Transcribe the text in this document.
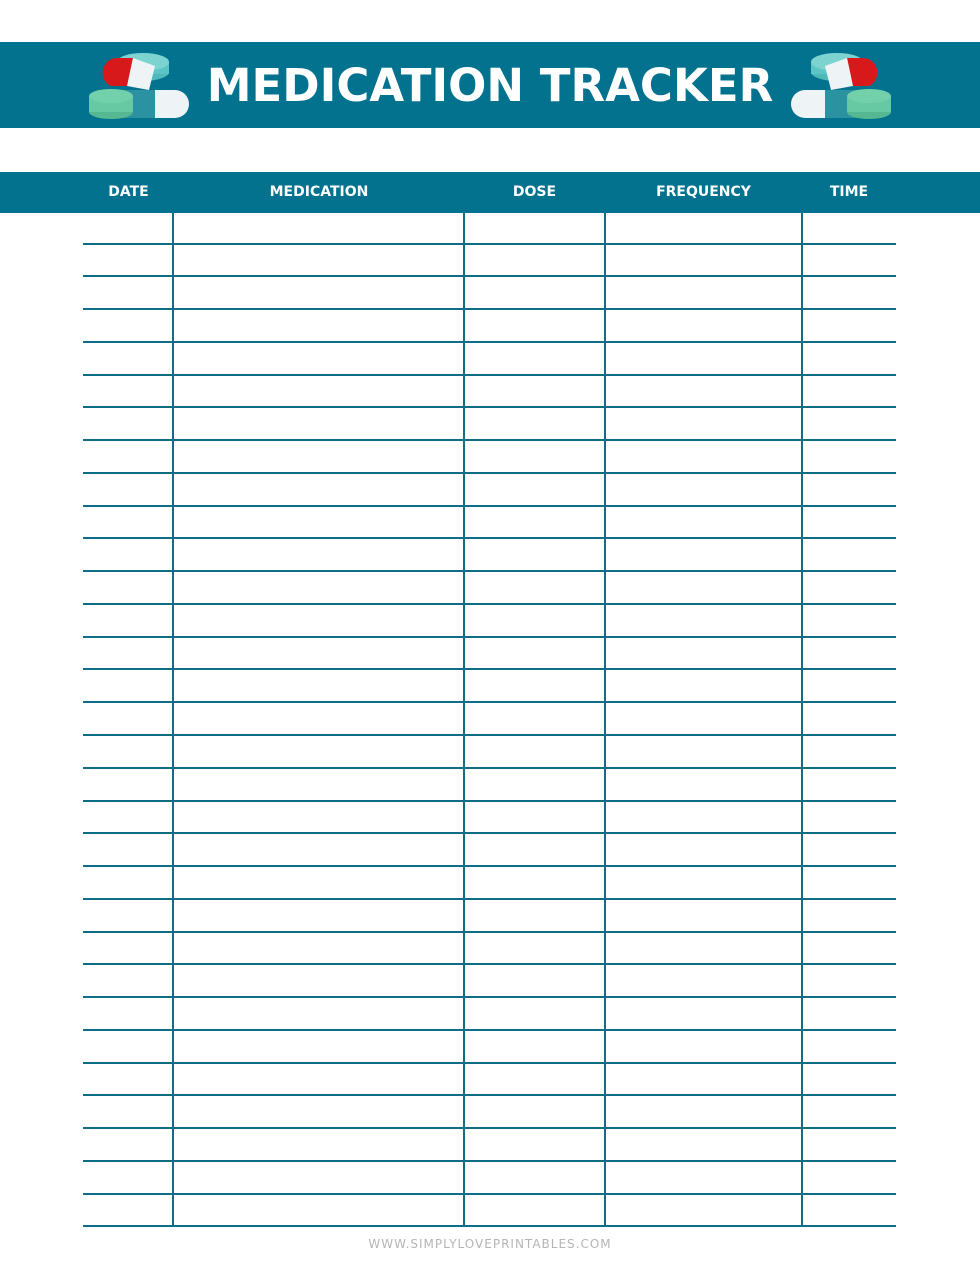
MEDICATION TRACKER
DATE	MEDICATION	DOSE	FREQUENCY	TIME
WWW.SIMPLYLOVEPRINTABLES.COM
